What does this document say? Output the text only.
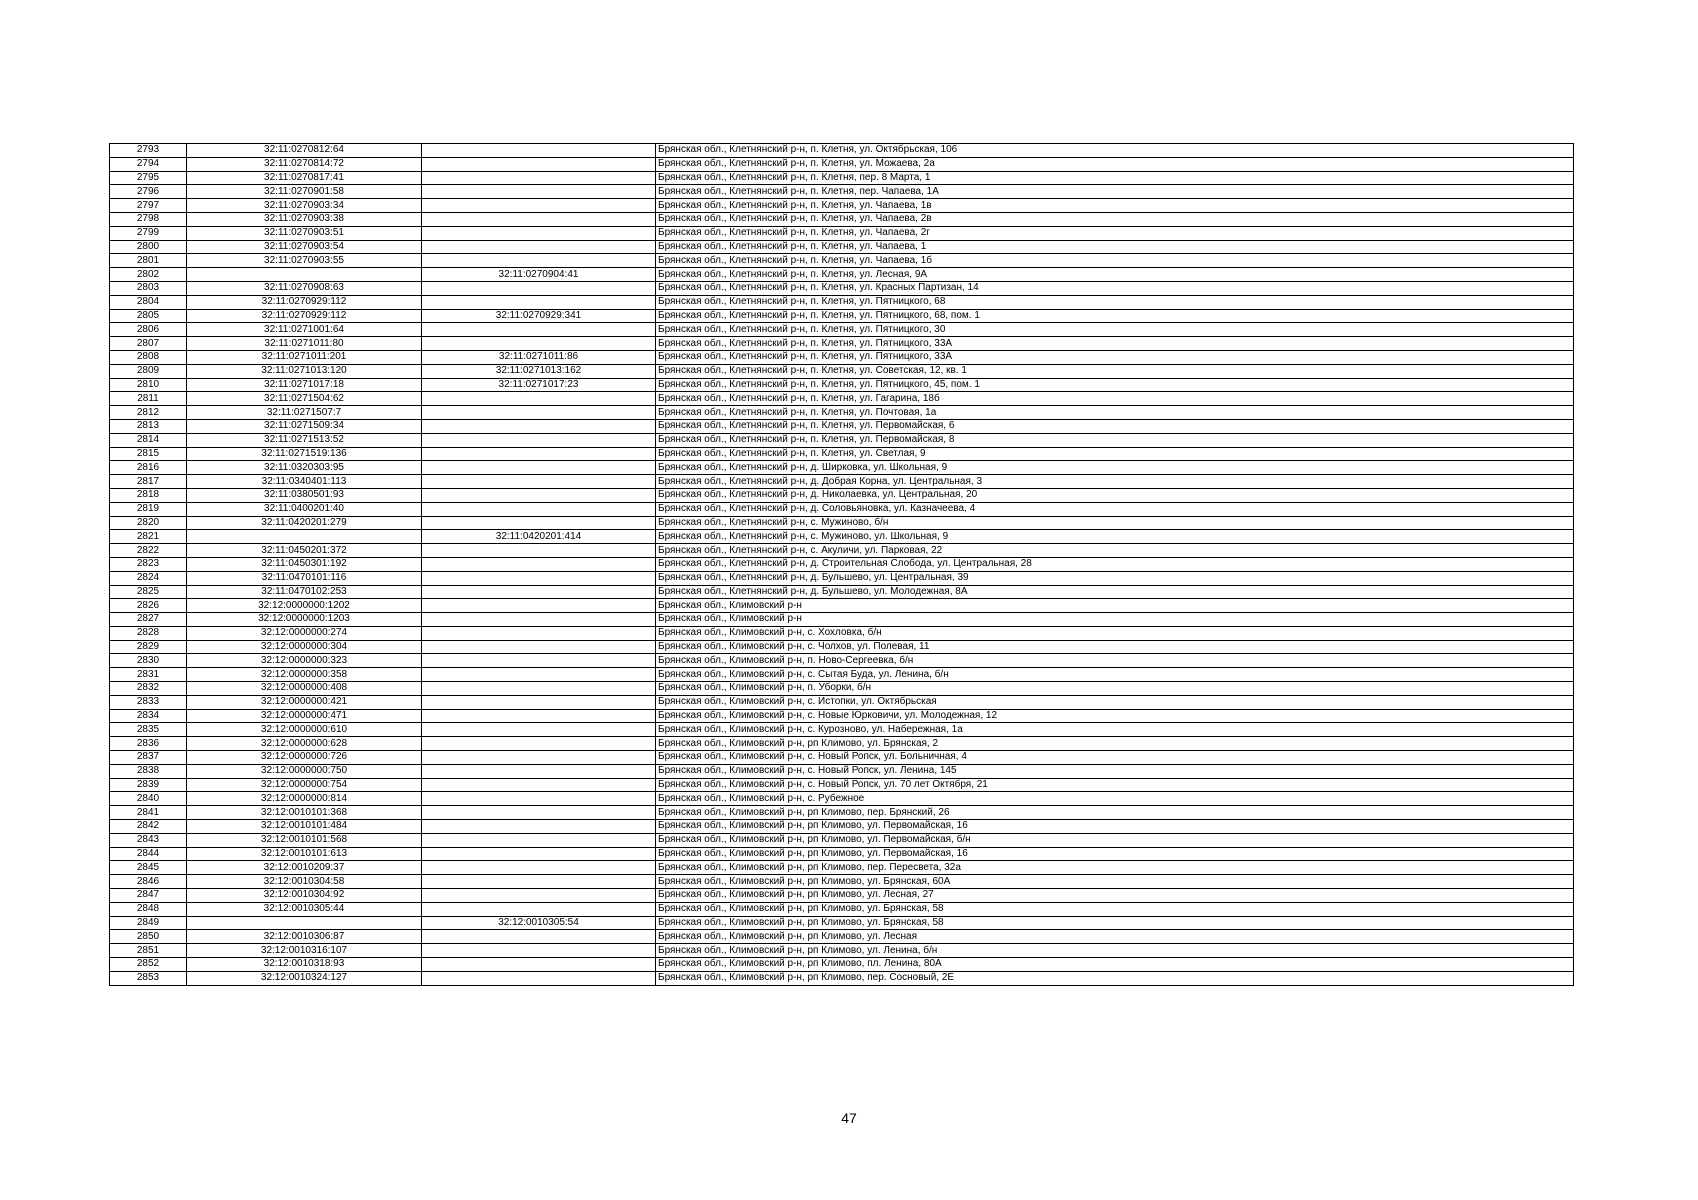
2793	32:11:0270812:64		Брянская обл., Клетнянский р-н, п. Клетня, ул. Октябрьская, 106
2794	32:11:0270814:72		Брянская обл., Клетнянский р-н, п. Клетня, ул. Можаева, 2а
2795	32:11:0270817:41		Брянская обл., Клетнянский р-н, п. Клетня, пер. 8 Марта, 1
2796	32:11:0270901:58		Брянская обл., Клетнянский р-н, п. Клетня, пер. Чапаева, 1А
2797	32:11:0270903:34		Брянская обл., Клетнянский р-н, п. Клетня, ул. Чапаева, 1в
2798	32:11:0270903:38		Брянская обл., Клетнянский р-н, п. Клетня, ул. Чапаева, 2в
2799	32:11:0270903:51		Брянская обл., Клетнянский р-н, п. Клетня, ул. Чапаева, 2г
2800	32:11:0270903:54		Брянская обл., Клетнянский р-н, п. Клетня, ул. Чапаева, 1
2801	32:11:0270903:55		Брянская обл., Клетнянский р-н, п. Клетня, ул. Чапаева, 1б
2802		32:11:0270904:41	Брянская обл., Клетнянский р-н, п. Клетня, ул. Лесная, 9А
2803	32:11:0270908:63		Брянская обл., Клетнянский р-н, п. Клетня, ул. Красных Партизан, 14
2804	32:11:0270929:112		Брянская обл., Клетнянский р-н, п. Клетня, ул. Пятницкого, 68
2805	32:11:0270929:112	32:11:0270929:341	Брянская обл., Клетнянский р-н, п. Клетня, ул. Пятницкого, 68, пом. 1
2806	32:11:0271001:64		Брянская обл., Клетнянский р-н, п. Клетня, ул. Пятницкого, 30
2807	32:11:0271011:80		Брянская обл., Клетнянский р-н, п. Клетня, ул. Пятницкого, 33А
2808	32:11:0271011:201	32:11:0271011:86	Брянская обл., Клетнянский р-н, п. Клетня, ул. Пятницкого, 33А
2809	32:11:0271013:120	32:11:0271013:162	Брянская обл., Клетнянский р-н, п. Клетня, ул. Советская, 12, кв. 1
2810	32:11:0271017:18	32:11:0271017:23	Брянская обл., Клетнянский р-н, п. Клетня, ул. Пятницкого, 45, пом. 1
2811	32:11:0271504:62		Брянская обл., Клетнянский р-н, п. Клетня, ул. Гагарина, 18б
2812	32:11:0271507:7		Брянская обл., Клетнянский р-н, п. Клетня, ул. Почтовая, 1а
2813	32:11:0271509:34		Брянская обл., Клетнянский р-н, п. Клетня, ул. Первомайская, 6
2814	32:11:0271513:52		Брянская обл., Клетнянский р-н, п. Клетня, ул. Первомайская, 8
2815	32:11:0271519:136		Брянская обл., Клетнянский р-н, п. Клетня, ул. Светлая, 9
2816	32:11:0320303:95		Брянская обл., Клетнянский р-н, д. Ширковка, ул. Школьная, 9
2817	32:11:0340401:113		Брянская обл., Клетнянский р-н, д. Добрая Корна, ул. Центральная, 3
2818	32:11:0380501:93		Брянская обл., Клетнянский р-н, д. Николаевка, ул. Центральная, 20
2819	32:11:0400201:40		Брянская обл., Клетнянский р-н, д. Соловьяновка, ул. Казначеева, 4
2820	32:11:0420201:279		Брянская обл., Клетнянский р-н, с. Мужиново, б/н
2821		32:11:0420201:414	Брянская обл., Клетнянский р-н, с. Мужиново, ул. Школьная, 9
2822	32:11:0450201:372		Брянская обл., Клетнянский р-н, с. Акуличи, ул. Парковая, 22
2823	32:11:0450301:192		Брянская обл., Клетнянский р-н, д. Строительная Слобода, ул. Центральная, 28
2824	32:11:0470101:116		Брянская обл., Клетнянский р-н, д. Бульшево, ул. Центральная, 39
2825	32:11:0470102:253		Брянская обл., Клетнянский р-н, д. Бульшево, ул. Молодежная, 8А
2826	32:12:0000000:1202		Брянская обл., Климовский р-н
2827	32:12:0000000:1203		Брянская обл., Климовский р-н
2828	32:12:0000000:274		Брянская обл., Климовский р-н, с. Хохловка, б/н
2829	32:12:0000000:304		Брянская обл., Климовский р-н, с. Чолхов, ул. Полевая, 11
2830	32:12:0000000:323		Брянская обл., Климовский р-н, п. Ново-Сергеевка, б/н
2831	32:12:0000000:358		Брянская обл., Климовский р-н, с. Сытая Буда, ул. Ленина, б/н
2832	32:12:0000000:408		Брянская обл., Климовский р-н, п. Уборки, б/н
2833	32:12:0000000:421		Брянская обл., Климовский р-н, с. Истопки, ул. Октябрьская
2834	32:12:0000000:471		Брянская обл., Климовский р-н, с. Новые Юрковичи, ул. Молодежная, 12
2835	32:12:0000000:610		Брянская обл., Климовский р-н, с. Курозново, ул. Набережная, 1а
2836	32:12:0000000:628		Брянская обл., Климовский р-н, рп Климово, ул. Брянская, 2
2837	32:12:0000000:726		Брянская обл., Климовский р-н, с. Новый Ропск, ул. Больничная, 4
2838	32:12:0000000:750		Брянская обл., Климовский р-н, с. Новый Ропск, ул. Ленина, 145
2839	32:12:0000000:754		Брянская обл., Климовский р-н, с. Новый Ропск, ул. 70 лет Октября, 21
2840	32:12:0000000:814		Брянская обл., Климовский р-н, с. Рубежное
2841	32:12:0010101:368		Брянская обл., Климовский р-н, рп Климово, пер. Брянский, 26
2842	32:12:0010101:484		Брянская обл., Климовский р-н, рп Климово, ул. Первомайская, 16
2843	32:12:0010101:568		Брянская обл., Климовский р-н, рп Климово, ул. Первомайская, б/н
2844	32:12:0010101:613		Брянская обл., Климовский р-н, рп Климово, ул. Первомайская, 16
2845	32:12:0010209:37		Брянская обл., Климовский р-н, рп Климово, пер. Пересвета, 32а
2846	32:12:0010304:58		Брянская обл., Климовский р-н, рп Климово, ул. Брянская, 60А
2847	32:12:0010304:92		Брянская обл., Климовский р-н, рп Климово, ул. Лесная, 27
2848	32:12:0010305:44		Брянская обл., Климовский р-н, рп Климово, ул. Брянская, 58
2849		32:12:0010305:54	Брянская обл., Климовский р-н, рп Климово, ул. Брянская, 58
2850	32:12:0010306:87		Брянская обл., Климовский р-н, рп Климово, ул. Лесная
2851	32:12:0010316:107		Брянская обл., Климовский р-н, рп Климово, ул. Ленина, б/н
2852	32:12:0010318:93		Брянская обл., Климовский р-н, рп Климово, пл. Ленина, 80А
2853	32:12:0010324:127		Брянская обл., Климовский р-н, рп Климово, пер. Сосновый, 2Е
47
